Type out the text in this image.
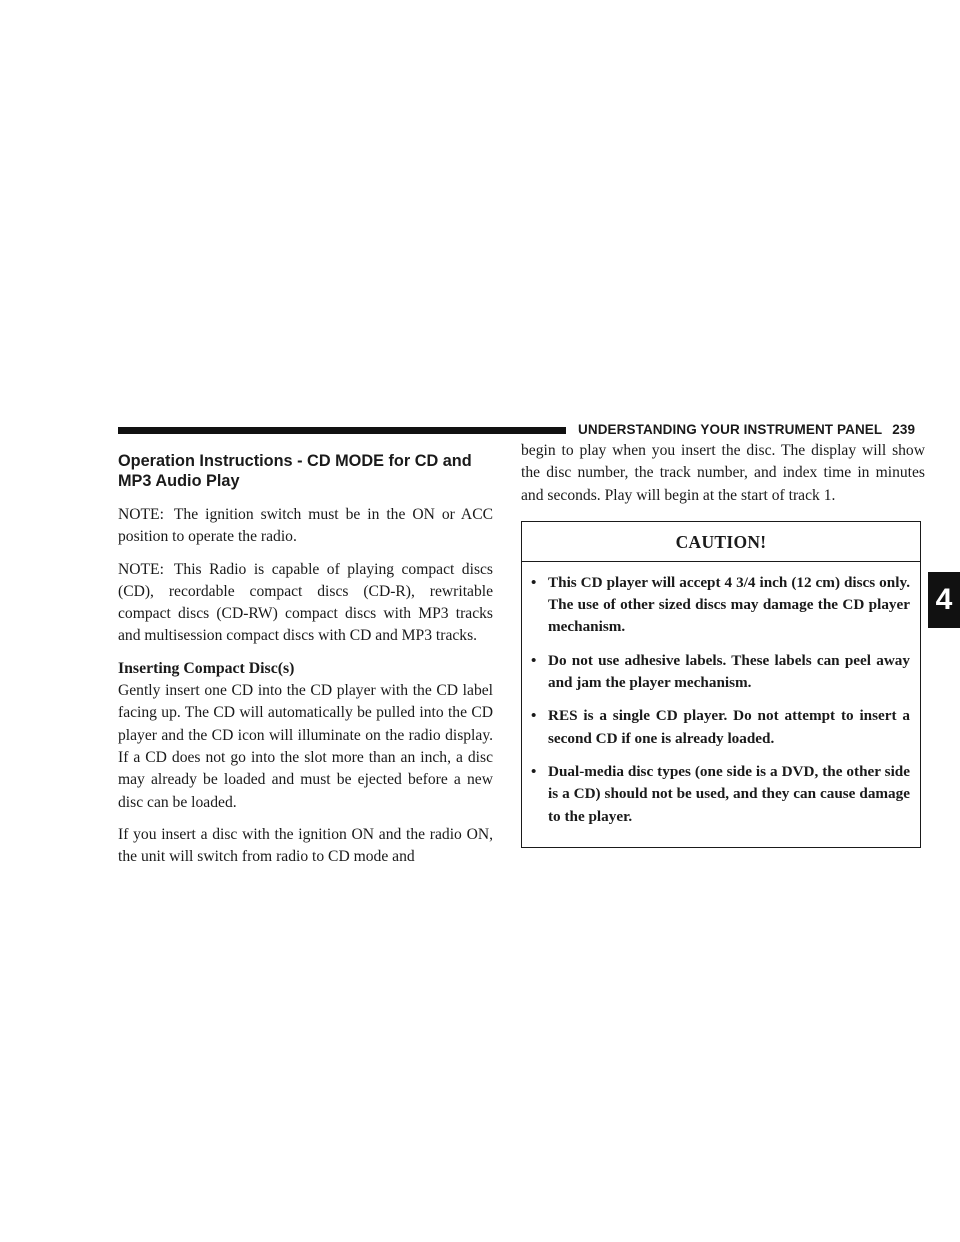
UNDERSTANDING YOUR INSTRUMENT PANEL 239
4
Operation Instructions - CD MODE for CD and MP3 Audio Play

NOTE: The ignition switch must be in the ON or ACC position to operate the radio.

NOTE: This Radio is capable of playing compact discs (CD), recordable compact discs (CD-R), rewritable compact discs (CD-RW) compact discs with MP3 tracks and multisession compact discs with CD and MP3 tracks.

Inserting Compact Disc(s)

Gently insert one CD into the CD player with the CD label facing up. The CD will automatically be pulled into the CD player and the CD icon will illuminate on the radio display. If a CD does not go into the slot more than an inch, a disc may already be loaded and must be ejected before a new disc can be loaded.

If you insert a disc with the ignition ON and the radio ON, the unit will switch from radio to CD mode and

begin to play when you insert the disc. The display will show the disc number, the track number, and index time in minutes and seconds. Play will begin at the start of track 1.

CAUTION!
• This CD player will accept 4 3/4 inch (12 cm) discs only. The use of other sized discs may damage the CD player mechanism.
• Do not use adhesive labels. These labels can peel away and jam the player mechanism.
• RES is a single CD player. Do not attempt to insert a second CD if one is already loaded.
• Dual-media disc types (one side is a DVD, the other side is a CD) should not be used, and they can cause damage to the player.
